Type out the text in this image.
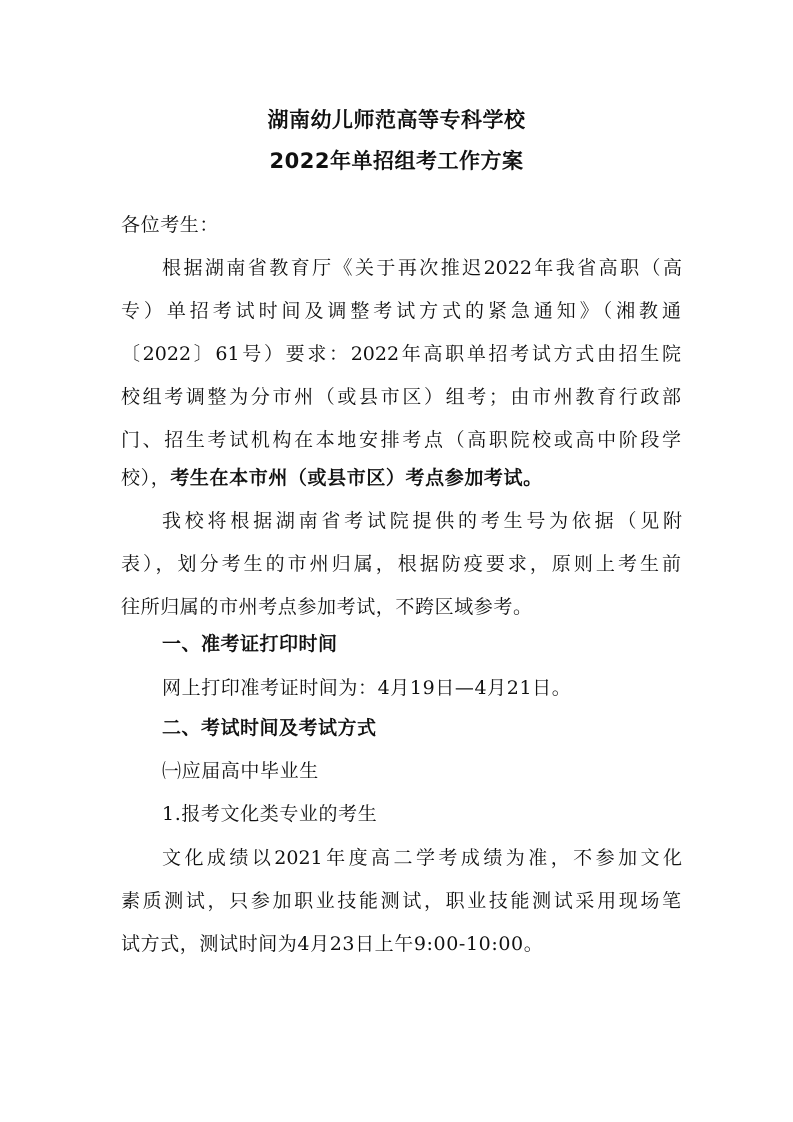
湖南幼儿师范高等专科学校
2022年单招组考工作方案
各位考生：
根据湖南省教育厅《关于再次推迟2022年我省高职（高
专）单招考试时间及调整考试方式的紧急通知》（湘教通
〔2022〕61号）要求：2022年高职单招考试方式由招生院
校组考调整为分市州（或县市区）组考；由市州教育行政部
门、招生考试机构在本地安排考点（高职院校或高中阶段学
校），考生在本市州（或县市区）考点参加考试。
我校将根据湖南省考试院提供的考生号为依据（见附
表），划分考生的市州归属，根据防疫要求，原则上考生前
往所归属的市州考点参加考试，不跨区域参考。
一、准考证打印时间
网上打印准考证时间为：4月19日—4月21日。
二、考试时间及考试方式
㈠应届高中毕业生
1.报考文化类专业的考生
文化成绩以2021年度高二学考成绩为准，不参加文化
素质测试，只参加职业技能测试，职业技能测试采用现场笔
试方式，测试时间为4月23日上午9:00-10:00。
